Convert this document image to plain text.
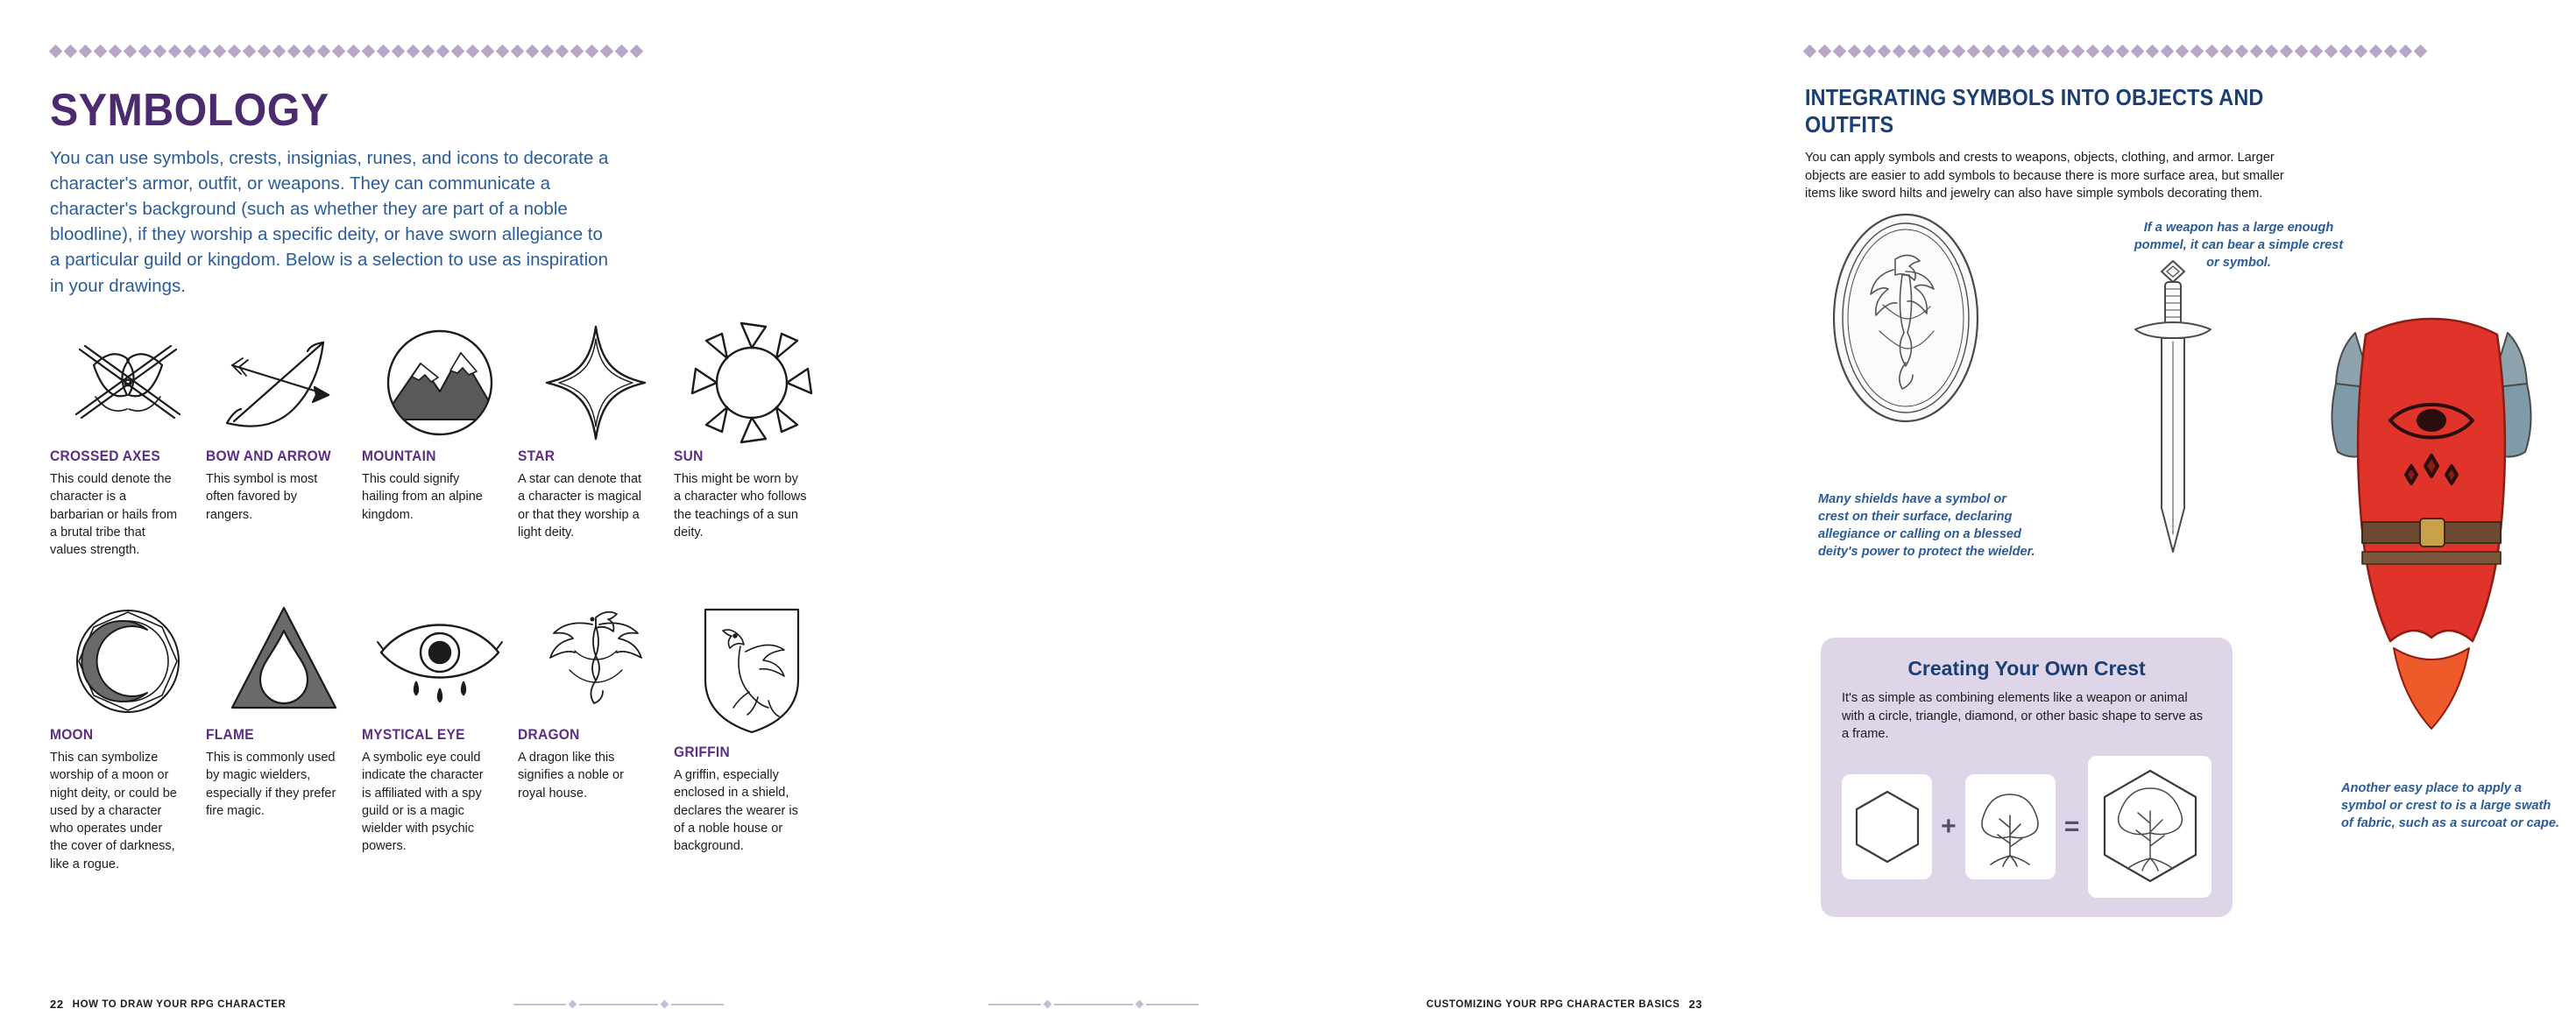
SYMBOLOGY

You can use symbols, crests, insignias, runes, and icons to decorate a character's armor, outfit, or weapons. They can communicate a character's background (such as whether they are part of a noble bloodline), if they worship a specific deity, or have sworn allegiance to a particular guild or kingdom. Below is a selection to use as inspiration in your drawings.

CROSSED AXES
This could denote the character is a barbarian or hails from a brutal tribe that values strength.
BOW AND ARROW
This symbol is most often favored by rangers.
MOUNTAIN
This could signify hailing from an alpine kingdom.
STAR
A star can denote that a character is magical or that they worship a light deity.
SUN
This might be worn by a character who follows the teachings of a sun deity.
MOON
This can symbolize worship of a moon or night deity, or could be used by a character who operates under the cover of darkness, like a rogue.
FLAME
This is commonly used by magic wielders, especially if they prefer fire magic.
MYSTICAL EYE
A symbolic eye could indicate the character is affiliated with a spy guild or is a magic wielder with psychic powers.
DRAGON
A dragon like this signifies a noble or royal house.
GRIFFIN
A griffin, especially enclosed in a shield, declares the wearer is of a noble house or background.
22 HOW TO DRAW YOUR RPG CHARACTER
INTEGRATING SYMBOLS INTO OBJECTS AND OUTFITS

You can apply symbols and crests to weapons, objects, clothing, and armor. Larger objects are easier to add symbols to because there is more surface area, but smaller items like sword hilts and jewelry can also have simple symbols decorating them.

Many shields have a symbol or crest on their surface, declaring allegiance or calling on a blessed deity's power to protect the wielder.

If a weapon has a large enough pommel, it can bear a simple crest or symbol.

Another easy place to apply a symbol or crest to is a large swath of fabric, such as a surcoat or cape.

Creating Your Own Crest

It's as simple as combining elements like a weapon or animal with a circle, triangle, diamond, or other basic shape to serve as a frame.

+	=
CUSTOMIZING YOUR RPG CHARACTER BASICS 23
